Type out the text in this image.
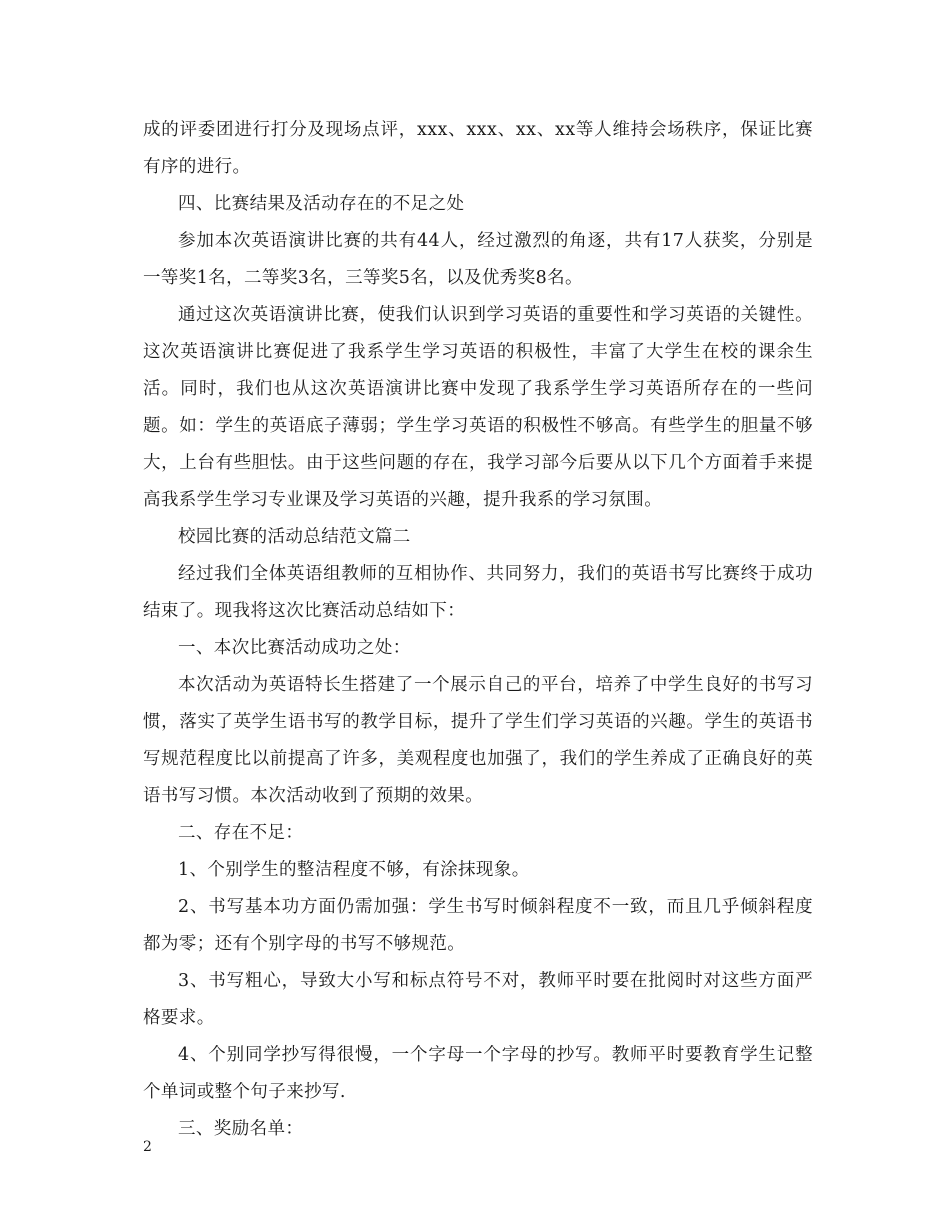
成的评委团进行打分及现场点评，xxx、xxx、xx、xx等人维持会场秩序，保证比赛有序的进行。

四、比赛结果及活动存在的不足之处

参加本次英语演讲比赛的共有44人，经过激烈的角逐，共有17人获奖，分别是一等奖1名，二等奖3名，三等奖5名，以及优秀奖8名。

通过这次英语演讲比赛，使我们认识到学习英语的重要性和学习英语的关键性。这次英语演讲比赛促进了我系学生学习英语的积极性，丰富了大学生在校的课余生活。同时，我们也从这次英语演讲比赛中发现了我系学生学习英语所存在的一些问题。如：学生的英语底子薄弱；学生学习英语的积极性不够高。有些学生的胆量不够大，上台有些胆怯。由于这些问题的存在，我学习部今后要从以下几个方面着手来提高我系学生学习专业课及学习英语的兴趣，提升我系的学习氛围。

校园比赛的活动总结范文篇二

经过我们全体英语组教师的互相协作、共同努力，我们的英语书写比赛终于成功结束了。现我将这次比赛活动总结如下：

一、本次比赛活动成功之处：

本次活动为英语特长生搭建了一个展示自己的平台，培养了中学生良好的书写习惯，落实了英学生语书写的教学目标，提升了学生们学习英语的兴趣。学生的英语书写规范程度比以前提高了许多，美观程度也加强了，我们的学生养成了正确良好的英语书写习惯。本次活动收到了预期的效果。

二、存在不足：

1、个别学生的整洁程度不够，有涂抹现象。

2、书写基本功方面仍需加强：学生书写时倾斜程度不一致，而且几乎倾斜程度都为零；还有个别字母的书写不够规范。

3、书写粗心，导致大小写和标点符号不对，教师平时要在批阅时对这些方面严格要求。

4、个别同学抄写得很慢，一个字母一个字母的抄写。教师平时要教育学生记整个单词或整个句子来抄写.

三、奖励名单：

2
